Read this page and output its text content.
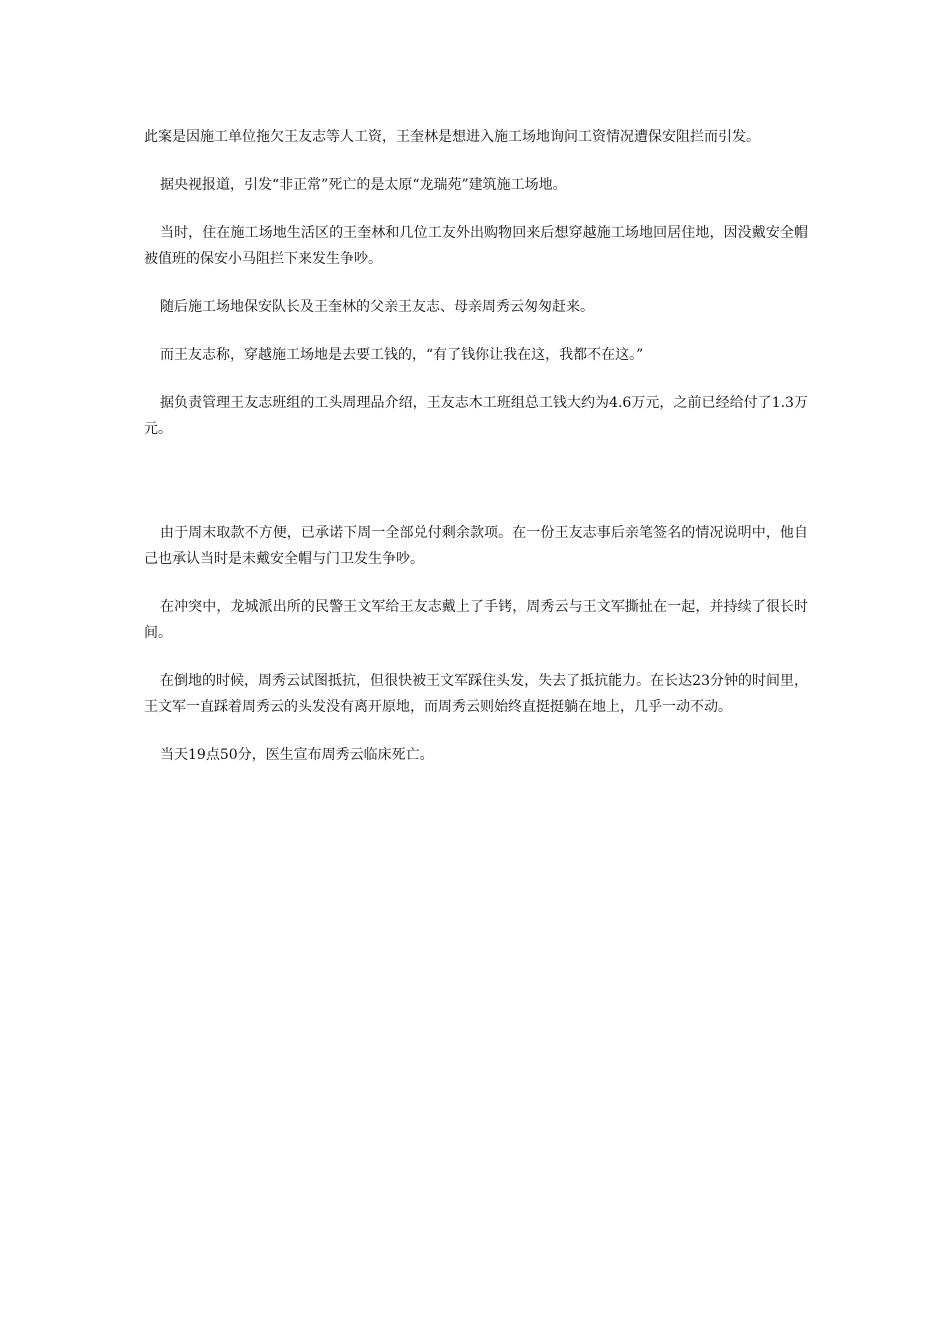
此案是因施工单位拖欠王友志等人工资，王奎林是想进入施工场地询问工资情况遭保安阻拦而引发。

据央视报道，引发“非正常”死亡的是太原“龙瑞苑”建筑施工场地。

当时，住在施工场地生活区的王奎林和几位工友外出购物回来后想穿越施工场地回居住地，因没戴安全帽被值班的保安小马阻拦下来发生争吵。

随后施工场地保安队长及王奎林的父亲王友志、母亲周秀云匆匆赶来。

而王友志称，穿越施工场地是去要工钱的，“有了钱你让我在这，我都不在这。”

据负责管理王友志班组的工头周理品介绍，王友志木工班组总工钱大约为4.6万元，之前已经给付了1.3万元。

由于周末取款不方便，已承诺下周一全部兑付剩余款项。在一份王友志事后亲笔签名的情况说明中，他自己也承认当时是未戴安全帽与门卫发生争吵。

在冲突中，龙城派出所的民警王文军给王友志戴上了手铐，周秀云与王文军撕扯在一起，并持续了很长时间。

在倒地的时候，周秀云试图抵抗，但很快被王文军踩住头发，失去了抵抗能力。在长达23分钟的时间里，王文军一直踩着周秀云的头发没有离开原地，而周秀云则始终直挺挺躺在地上，几乎一动不动。

当天19点50分，医生宣布周秀云临床死亡。
